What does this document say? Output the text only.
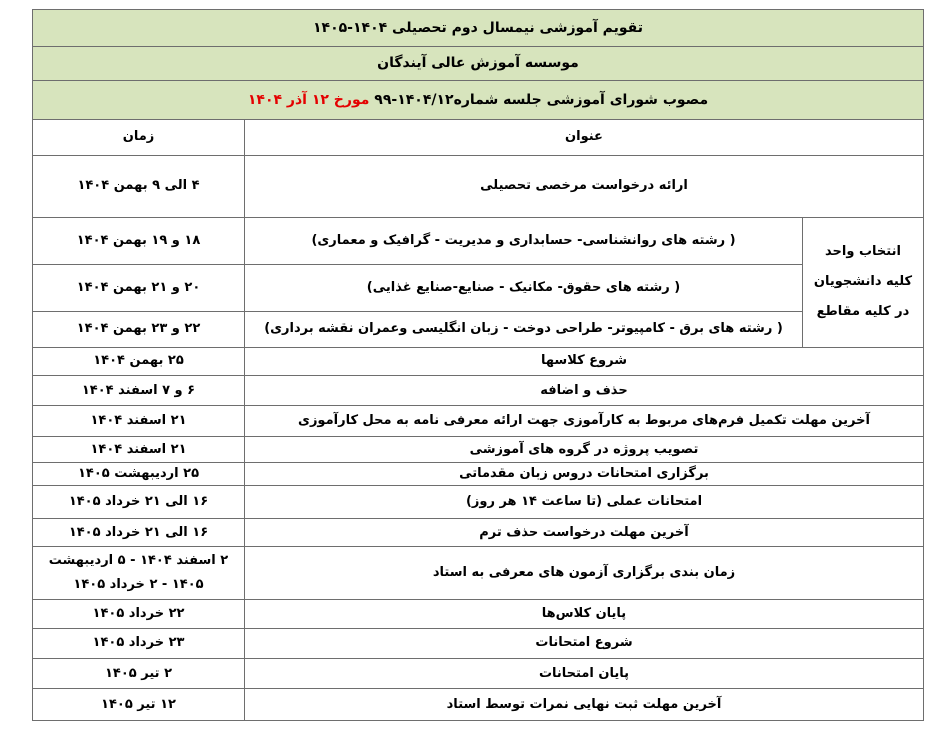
تقویم آموزشی نیمسال دوم تحصیلی ۱۴۰۴-۱۴۰۵		
موسسه آموزش عالی آیندگان		
مصوب شورای آموزشی جلسه شماره۱۴۰۴/۱۲-۹۹ مورخ ۱۲ آذر ۱۴۰۴		
عنوان		زمان
ارائه درخواست مرخصی تحصیلی		۴ الی ۹ بهمن ۱۴۰۴
انتخاب واحد کلیه دانشجویان در کلیه مقاطع	( رشته های روانشناسی- حسابداری و مدیریت - گرافیک و معماری)	۱۸ و ۱۹ بهمن ۱۴۰۴
	( رشته های حقوق- مکانیک - صنایع-صنایع غذایی)	۲۰ و ۲۱ بهمن ۱۴۰۴
	( رشته های برق - کامپیوتر- طراحی دوخت - زبان انگلیسی وعمران نقشه برداری)	۲۲ و ۲۳ بهمن ۱۴۰۴
شروع کلاسها		۲۵ بهمن ۱۴۰۴
حذف و اضافه		۶ و ۷ اسفند ۱۴۰۴
آخرین مهلت تکمیل فرم‌های مربوط به کارآموزی جهت ارائه معرفی نامه به محل کارآموزی		۲۱ اسفند ۱۴۰۴
تصویب پروژه در گروه های آموزشی		۲۱ اسفند ۱۴۰۴
برگزاری امتحانات دروس زبان مقدماتی		۲۵ اردیبهشت ۱۴۰۵
امتحانات عملی (تا ساعت ۱۴ هر روز)		۱۶ الی ۲۱ خرداد ۱۴۰۵
آخرین مهلت درخواست حذف ترم		۱۶ الی ۲۱ خرداد ۱۴۰۵
زمان بندی برگزاری آزمون های معرفی به استاد		۲ اسفند ۱۴۰۴ - ۵ اردیبهشت
۱۴۰۵ - ۲ خرداد ۱۴۰۵

پایان کلاس‌ها		۲۲ خرداد ۱۴۰۵
شروع امتحانات		۲۳ خرداد ۱۴۰۵
پایان امتحانات		۲ تیر ۱۴۰۵
آخرین مهلت ثبت نهایی نمرات توسط استاد		۱۲ تیر ۱۴۰۵
